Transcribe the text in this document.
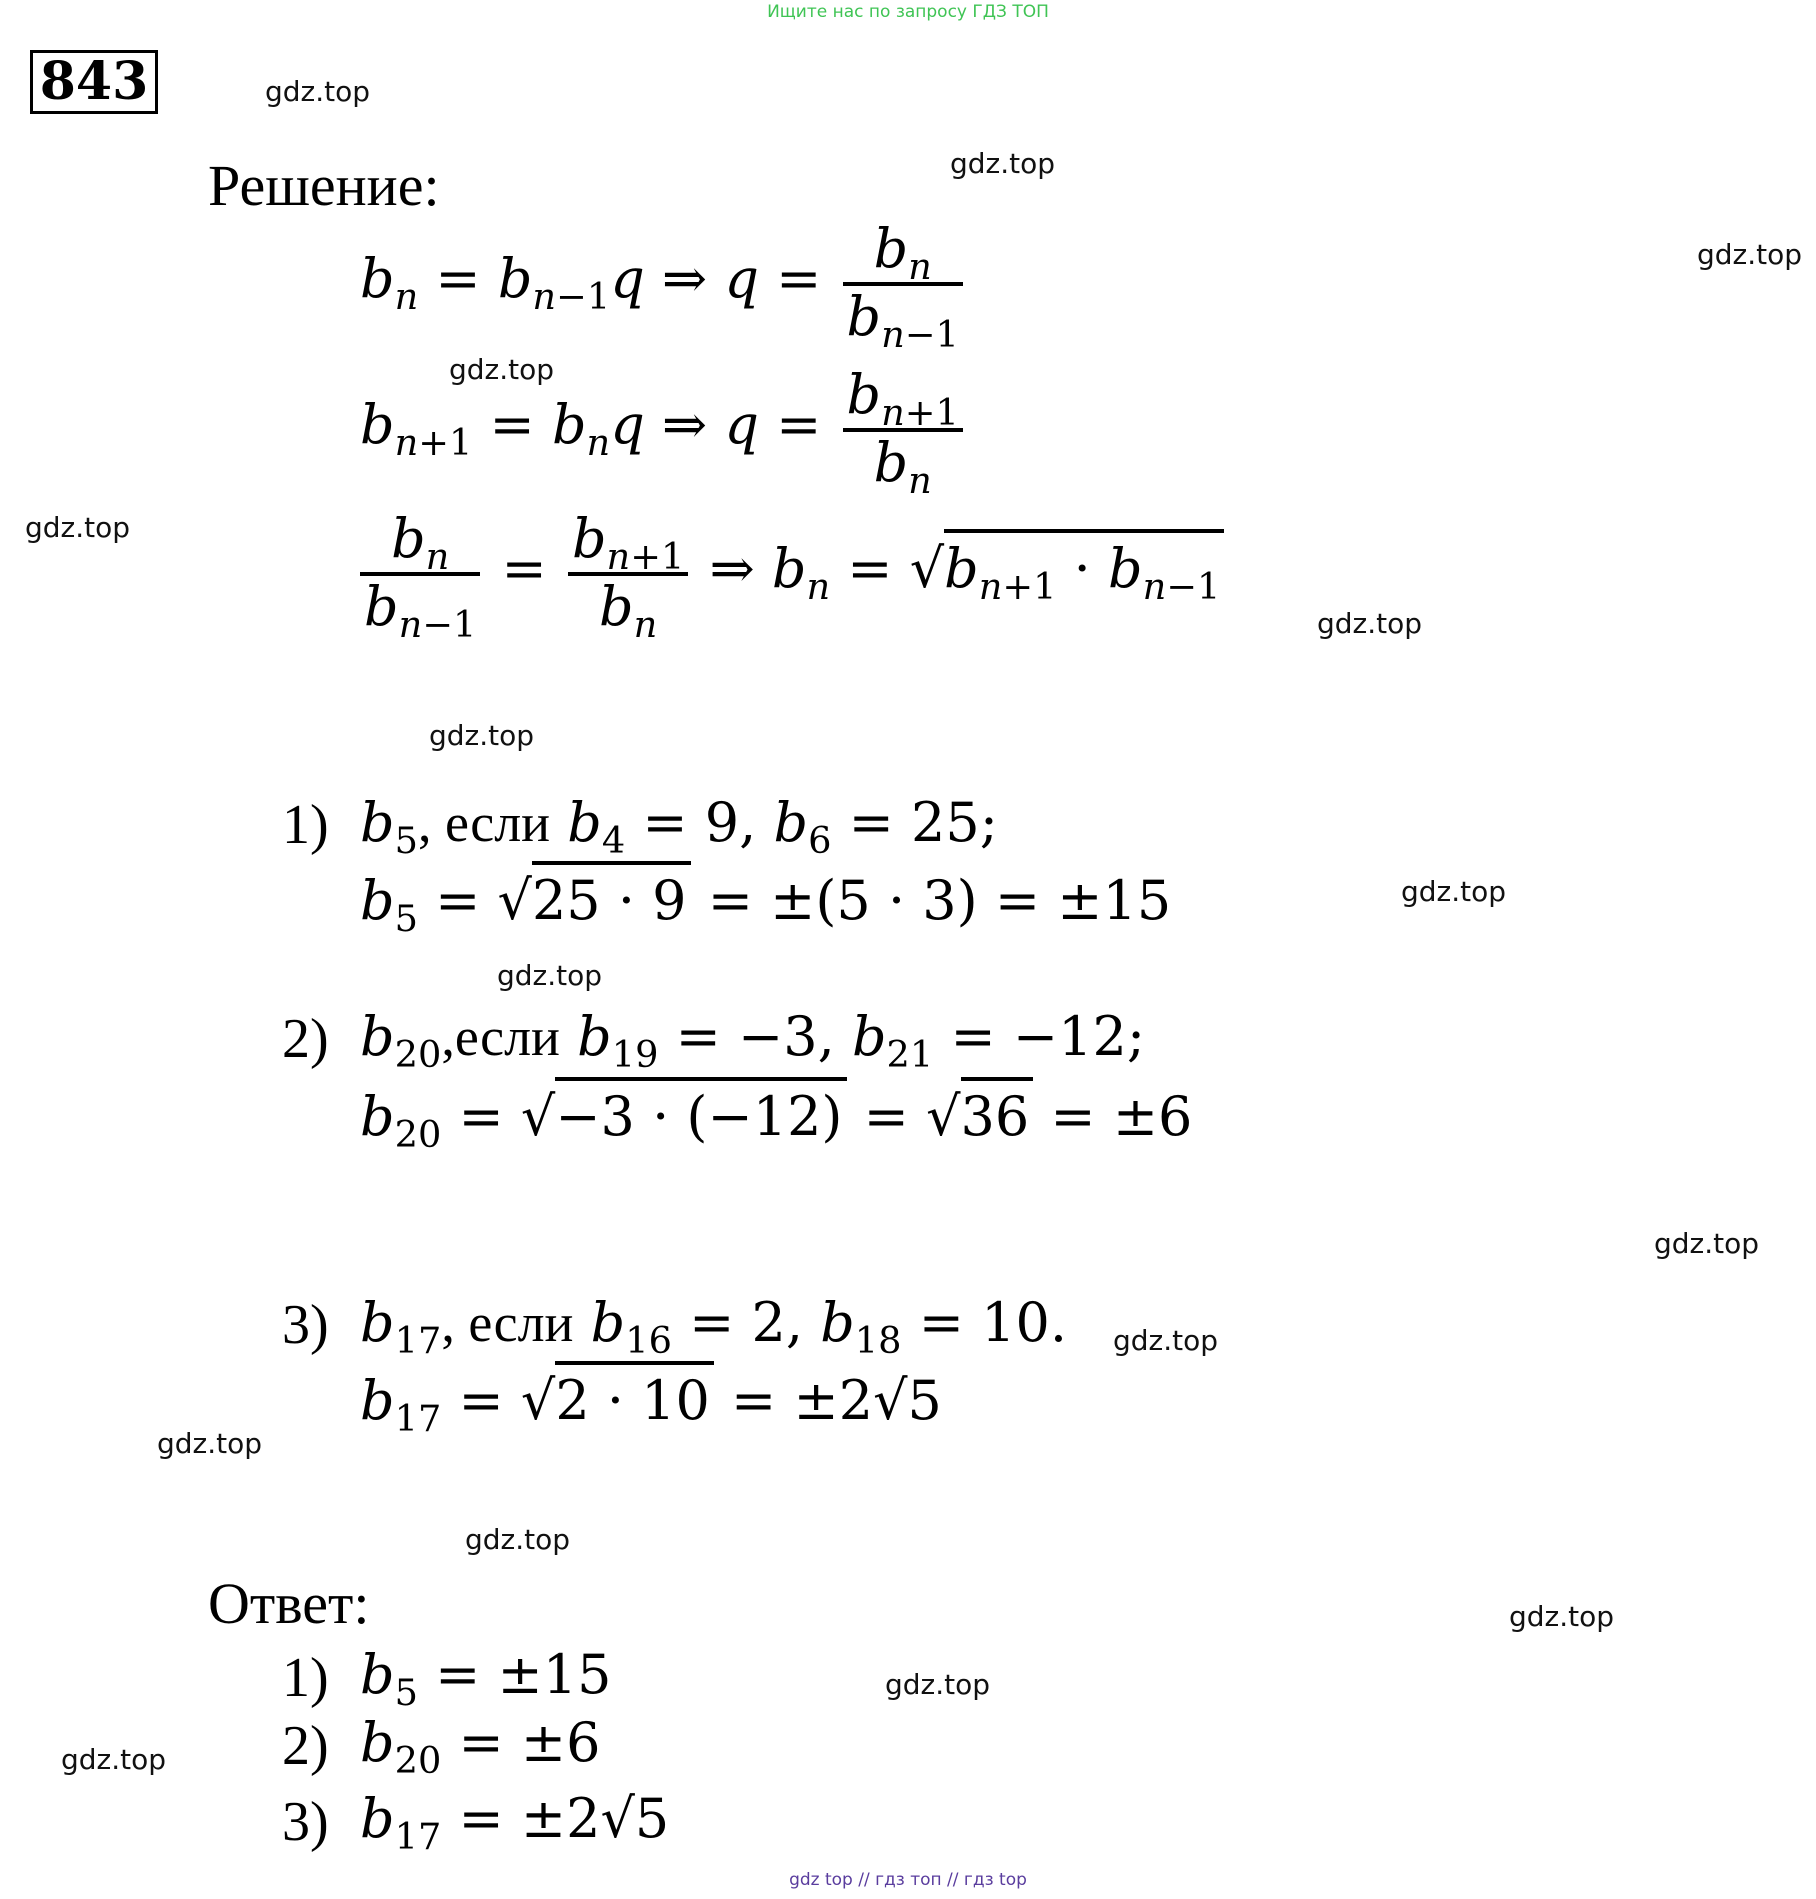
Ищите нас по запросу ГДЗ ТОП
843	gdz.top
gdz.top
gdz.top
gdz.top
gdz.top
gdz.top
gdz.top
gdz.top
gdz.top
gdz.top
gdz.top
gdz.top
gdz.top
gdz.top
gdz.top
gdz.top
Решение:
$b_n = b_{n-1}q$ ⇒ $q = \frac{b_n}{b_{n-1}}$
$b_{n+1} = b_nq$ ⇒ $q = \frac{b_{n+1}}{b_n}$
$\frac{b_n}{b_{n-1}} = \frac{b_{n+1}}{b_n}$ ⇒ $b_n = √b_{n+1} \cdot b_{n-1}$
1) $b_5$, если $b_4 = 9$, $b_6 = 25$;
$b_5 = √25 \cdot 9 = \pm(5 \cdot 3) = \pm 15$
2) $b_{20},если$ $b_{19} = -3$, $b_{21} = -12$;
$b_{20} = √-3 \cdot (-12) = √36 = \pm 6$
3) $b_{17}$, если $b_{16} = 2$, $b_{18} = 10$.
$b_{17} = √2 \cdot 10 = \pm 2√5$
Ответ:
1) $b_5 = \pm 15$
2) $b_{20} = \pm 6$
3) $b_{17} = \pm 2√5$
gdz top // гдз топ // гдз top
